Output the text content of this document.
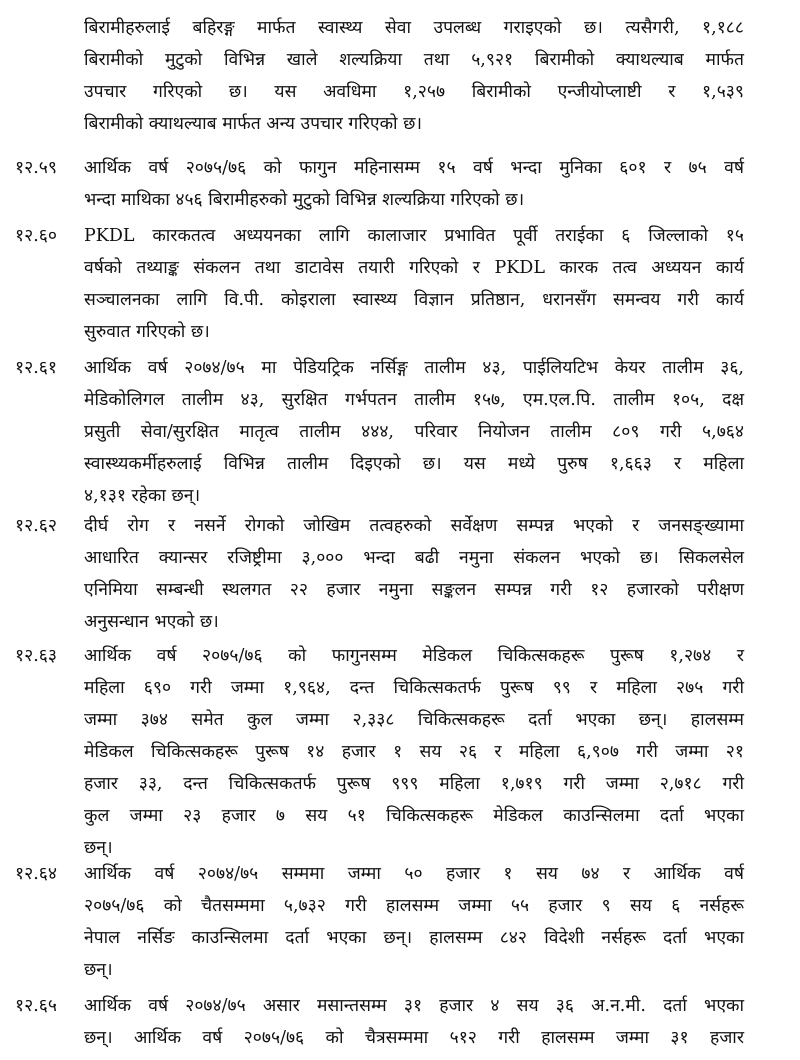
बिरामीहरुलाई बहिरङ्ग मार्फत स्वास्थ्य सेवा उपलब्ध गराइएको छ। त्यसैगरी, १,१८८
बिरामीको मुटुको विभिन्न खाले शल्यक्रिया तथा ५,९२१ बिरामीको क्याथल्याब मार्फत
उपचार गरिएको छ। यस अवधिमा १,२५७ बिरामीको एन्जीयोप्लाष्टी र १,५३९
बिरामीको क्याथल्याब मार्फत अन्य उपचार गरिएको छ।
१२.५९ आर्थिक वर्ष २०७५/७६ को फागुन महिनासम्म १५ वर्ष भन्दा मुनिका ६०१ र ७५ वर्ष
भन्दा माथिका ४५६ बिरामीहरुको मुटुको विभिन्न शल्यक्रिया गरिएको छ।
१२.६० PKDL कारकतत्व अध्ययनका लागि कालाजार प्रभावित पूर्वी तराईका ६ जिल्लाको १५
वर्षको तथ्याङ्क संकलन तथा डाटावेस तयारी गरिएको र PKDL कारक तत्व अध्ययन कार्य
सञ्चालनका लागि वि.पी. कोइराला स्वास्थ्य विज्ञान प्रतिष्ठान, धरानसँग समन्वय गरी कार्य
सुरुवात गरिएको छ।
१२.६१ आर्थिक वर्ष २०७४/७५ मा पेडियट्रिक नर्सिङ्ग तालीम ४३, पाईलियटिभ केयर तालीम ३६,
मेडिकोलिगल तालीम ४३, सुरक्षित गर्भपतन तालीम १५७, एम.एल.पि. तालीम १०५, दक्ष
प्रसुती सेवा/सुरक्षित मातृत्व तालीम ४४४, परिवार नियोजन तालीम ८०९ गरी ५,७६४
स्वास्थ्यकर्मीहरुलाई विभिन्न तालीम दिइएको छ। यस मध्ये पुरुष १,६६३ र महिला
४,१३१ रहेका छन्।
१२.६२ दीर्घ रोग र नसर्ने रोगको जोखिम तत्वहरुको सर्वेक्षण सम्पन्न भएको र जनसङ्ख्यामा
आधारित क्यान्सर रजिष्ट्रीमा ३,००० भन्दा बढी नमुना संकलन भएको छ। सिकलसेल
एनिमिया सम्बन्धी स्थलगत २२ हजार नमुना सङ्कलन सम्पन्न गरी १२ हजारको परीक्षण
अनुसन्धान भएको छ।
१२.६३ आर्थिक वर्ष २०७५/७६ को फागुनसम्म मेडिकल चिकित्सकहरू पुरूष १,२७४ र
महिला ६९० गरी जम्मा १,९६४, दन्त चिकित्सकतर्फ पुरूष ९९ र महिला २७५ गरी
जम्मा ३७४ समेत कुल जम्मा २,३३८ चिकित्सकहरू दर्ता भएका छन्। हालसम्म
मेडिकल चिकित्सकहरू पुरूष १४ हजार १ सय २६ र महिला ६,९०७ गरी जम्मा २१
हजार ३३, दन्त चिकित्सकतर्फ पुरूष ९९९ महिला १,७१९ गरी जम्मा २,७१८ गरी
कुल जम्मा २३ हजार ७ सय ५१ चिकित्सकहरू मेडिकल काउन्सिलमा दर्ता भएका
छन्।
१२.६४ आर्थिक वर्ष २०७४/७५ सम्ममा जम्मा ५० हजार १ सय ७४ र आर्थिक वर्ष
२०७५/७६ को चैतसम्ममा ५,७३२ गरी हालसम्म जम्मा ५५ हजार ९ सय ६ नर्सहरू
नेपाल नर्सिङ काउन्सिलमा दर्ता भएका छन्। हालसम्म ८४२ विदेशी नर्सहरू दर्ता भएका
छन्।
१२.६५ आर्थिक वर्ष २०७४/७५ असार मसान्तसम्म ३१ हजार ४ सय ३६ अ.न.मी. दर्ता भएका
छन्। आर्थिक वर्ष २०७५/७६ को चैत्रसम्ममा ५१२ गरी हालसम्म जम्मा ३१ हजार
